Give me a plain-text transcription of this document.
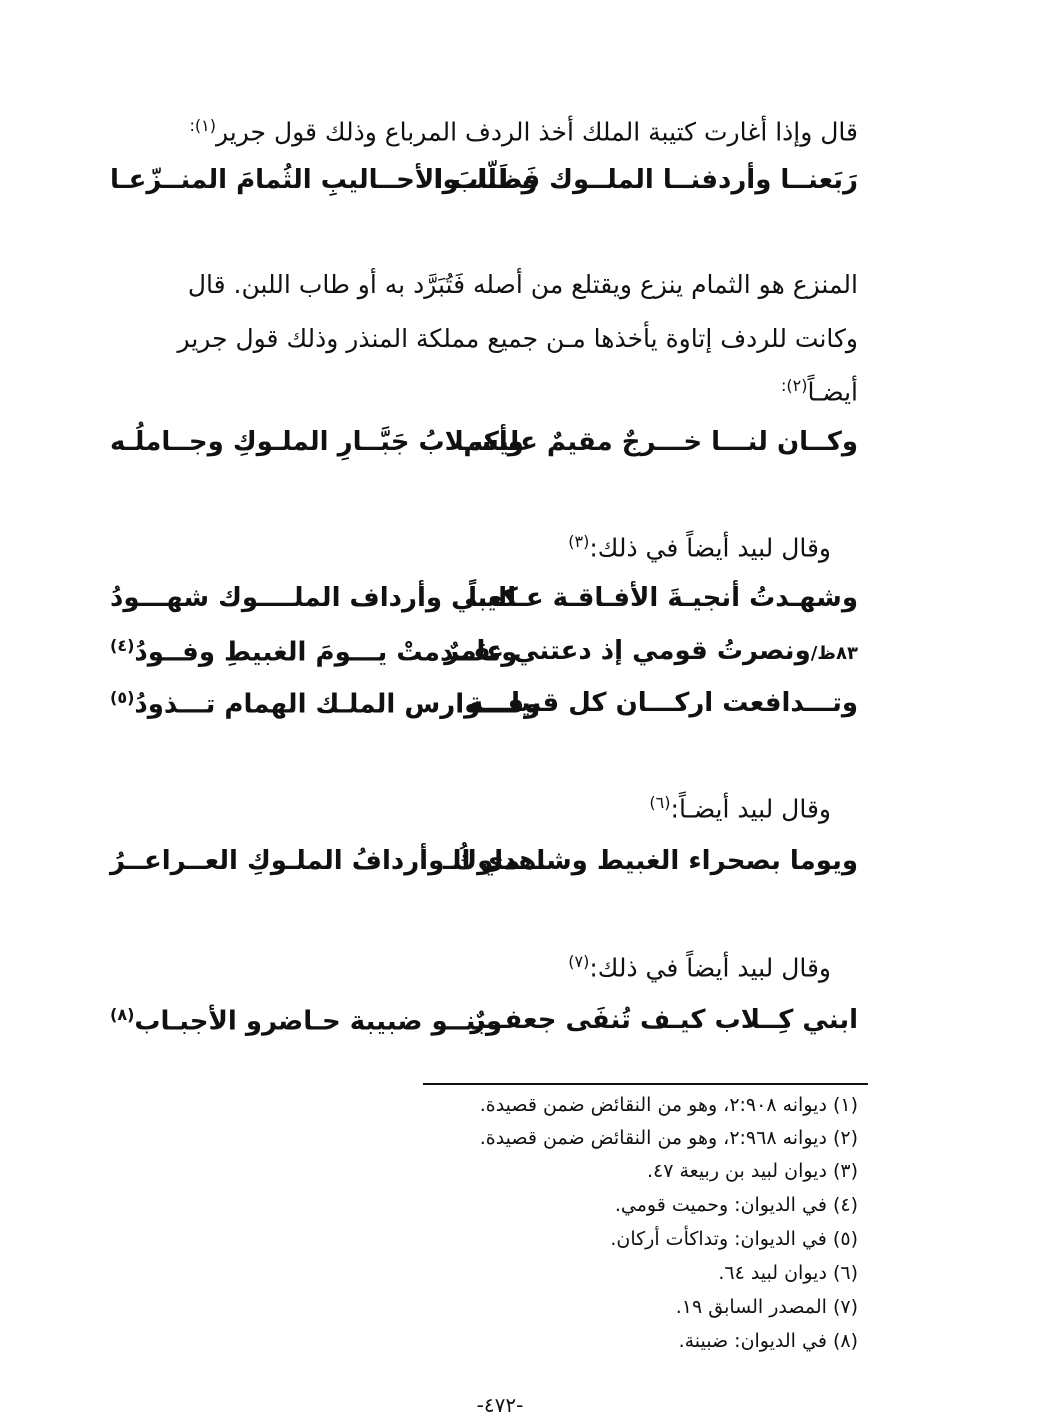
قال وإذا أغارت كتيبة الملك أخذ الردف المرباع وذلك قول جرير$^{(١):}$
رَبَعنــا وأردفنــا الملــوك فَظَلّلــوا
وطـابَ الأحــاليبِ الثُمامَ المنــزّعـا
المنزع هو الثمام ينزع ويقتلع من أصله فَتُبَرَّد به أو طاب اللبن. قال
وكانت للردف إتاوة يأخذها مـن جميع مملكة المنذر وذلك قول جرير
أيضـاً$^{(٢):}$
وكــان لنـــا خـــرجٌ مقيمٌ عليكم
وأسـلابُ جَبَّــارِ الملـوكِ وجــاملُـه
وقال لبيد أيضاً في ذلك:$^{(٣)}$
وشهـدتُ أنجيـةَ الأفـاقـة عـاليـاً
كعبي وأرداف الملــــوك شهـــودُ
٨٣ظ/ونصرتُ قومي إذ دعتني عامرٌ
وتقــدمتْ يـــومَ الغبيطِ وفــودُ$^{(٤)}$
وتـــدافعت اركـــان كل قبيلـــة
وفـــوارس الملـك الهمام تـــذودُ$^{(٥)}$
وقال لبيد أيضـاً:$^{(٦)}$
ويوما بصحراء الغبيط وشاهدي الـ
ـــملوكُ وأردافُ الملـوكِ العــراعــرُ
وقال لبيد أيضاً في ذلك:$^{(٧)}$
ابني كِــلاب كيـف تُنفَى جعفــرٌ
وبنــو ضبيبة حـاضرو الأجبـاب$^{(٨)}$
(١) ديوانه ٢:٩٠٨، وهو من النقائض ضمن قصيدة.
(٢) ديوانه ٢:٩٦٨، وهو من النقائض ضمن قصيدة.
(٣) ديوان لبيد بن ربيعة ٤٧.
(٤) في الديوان: وحميت قومي.
(٥) في الديوان: وتداكأت أركان.
(٦) ديوان لبيد ٦٤.
(٧) المصدر السابق ١٩.
(٨) في الديوان: ضبينة.
-٤٧٢-
